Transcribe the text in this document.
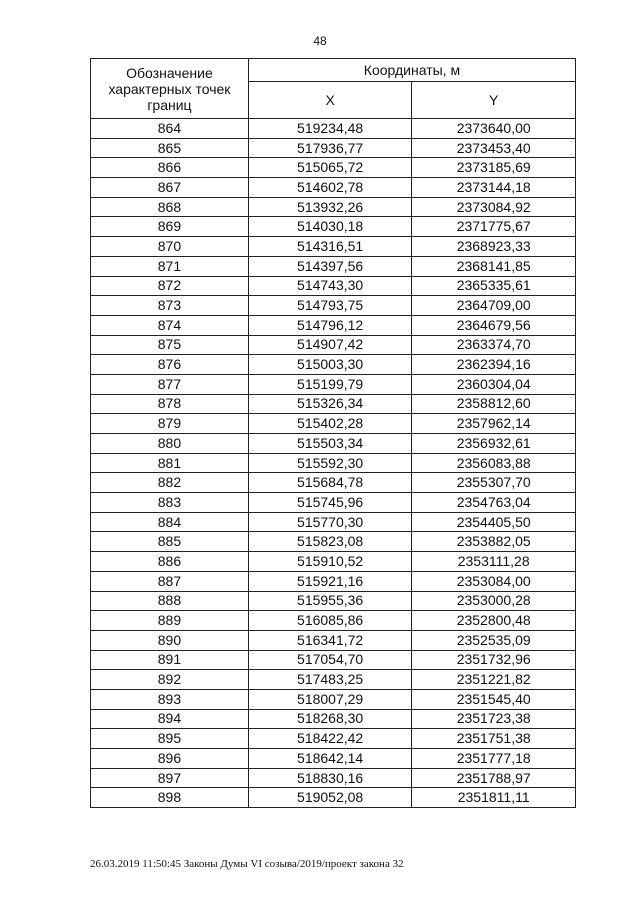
48
Обозначение характерных точек границ	Координаты, м	
	X	Y
864	519234,48	2373640,00
865	517936,77	2373453,40
866	515065,72	2373185,69
867	514602,78	2373144,18
868	513932,26	2373084,92
869	514030,18	2371775,67
870	514316,51	2368923,33
871	514397,56	2368141,85
872	514743,30	2365335,61
873	514793,75	2364709,00
874	514796,12	2364679,56
875	514907,42	2363374,70
876	515003,30	2362394,16
877	515199,79	2360304,04
878	515326,34	2358812,60
879	515402,28	2357962,14
880	515503,34	2356932,61
881	515592,30	2356083,88
882	515684,78	2355307,70
883	515745,96	2354763,04
884	515770,30	2354405,50
885	515823,08	2353882,05
886	515910,52	2353111,28
887	515921,16	2353084,00
888	515955,36	2353000,28
889	516085,86	2352800,48
890	516341,72	2352535,09
891	517054,70	2351732,96
892	517483,25	2351221,82
893	518007,29	2351545,40
894	518268,30	2351723,38
895	518422,42	2351751,38
896	518642,14	2351777,18
897	518830,16	2351788,97
898	519052,08	2351811,11
26.03.2019 11:50:45 Законы Думы VI созыва/2019/проект закона 32
